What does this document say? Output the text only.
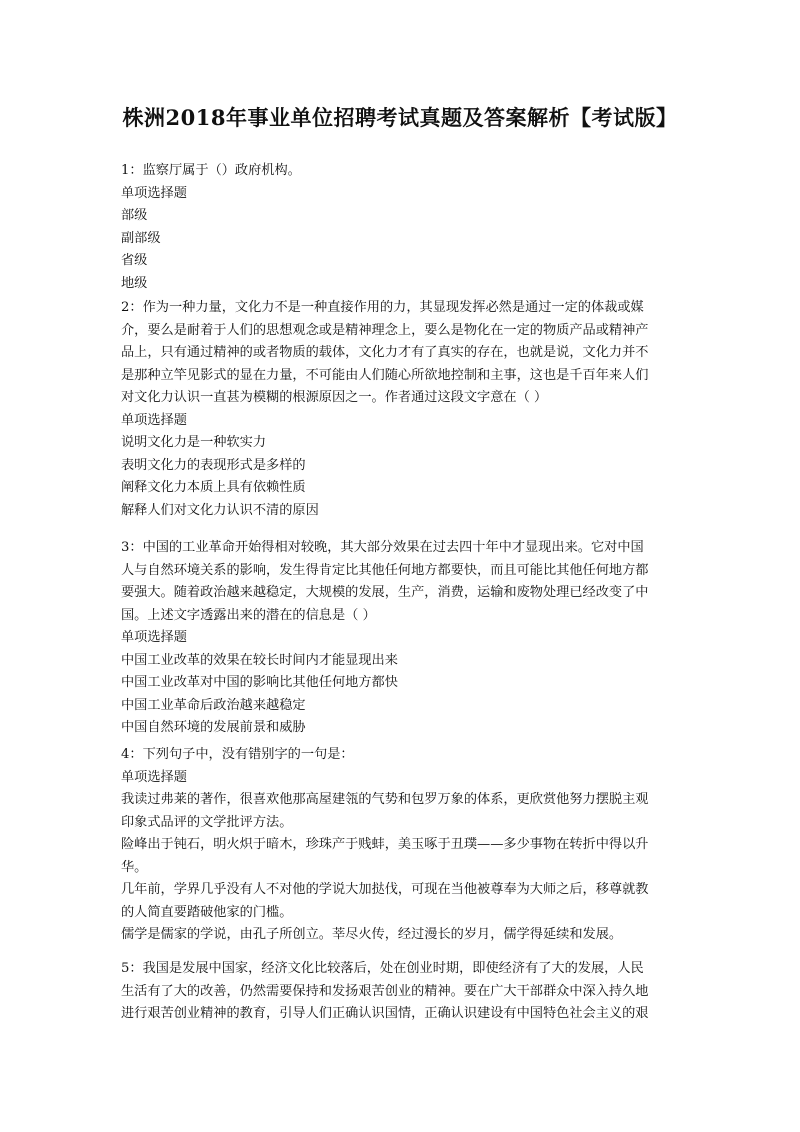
株洲2018年事业单位招聘考试真题及答案解析【考试版】
1：监察厅属于（）政府机构。
单项选择题
部级
副部级
省级
地级
2：作为一种力量，文化力不是一种直接作用的力，其显现发挥必然是通过一定的体裁或媒
介，要么是耐着于人们的思想观念或是精神理念上，要么是物化在一定的物质产品或精神产
品上，只有通过精神的或者物质的载体，文化力才有了真实的存在，也就是说，文化力并不
是那种立竿见影式的显在力量，不可能由人们随心所欲地控制和主事，这也是千百年来人们
对文化力认识一直甚为模糊的根源原因之一。作者通过这段文字意在（ ）
单项选择题
说明文化力是一种软实力
表明文化力的表现形式是多样的
阐释文化力本质上具有依赖性质
解释人们对文化力认识不清的原因
3：中国的工业革命开始得相对较晚，其大部分效果在过去四十年中才显现出来。它对中国
人与自然环境关系的影响，发生得肯定比其他任何地方都要快，而且可能比其他任何地方都
要强大。随着政治越来越稳定，大规模的发展，生产，消费，运输和废物处理已经改变了中
国。上述文字透露出来的潜在的信息是（ ）
单项选择题
中国工业改革的效果在较长时间内才能显现出来
中国工业改革对中国的影响比其他任何地方都快
中国工业革命后政治越来越稳定
中国自然环境的发展前景和威胁
4：下列句子中，没有错别字的一句是：
单项选择题
我读过弗莱的著作，很喜欢他那高屋建瓴的气势和包罗万象的体系，更欣赏他努力摆脱主观
印象式品评的文学批评方法。
险峰出于钝石，明火炽于暗木，珍珠产于贱蚌，美玉啄于丑璞——多少事物在转折中得以升
华。
几年前，学界几乎没有人不对他的学说大加挞伐，可现在当他被尊奉为大师之后，移尊就教
的人简直要踏破他家的门槛。
儒学是儒家的学说，由孔子所创立。莘尽火传，经过漫长的岁月，儒学得延续和发展。
5：我国是发展中国家，经济文化比较落后，处在创业时期，即使经济有了大的发展，人民
生活有了大的改善，仍然需要保持和发扬艰苦创业的精神。要在广大干部群众中深入持久地
进行艰苦创业精神的教育，引导人们正确认识国情，正确认识建设有中国特色社会主义的艰
